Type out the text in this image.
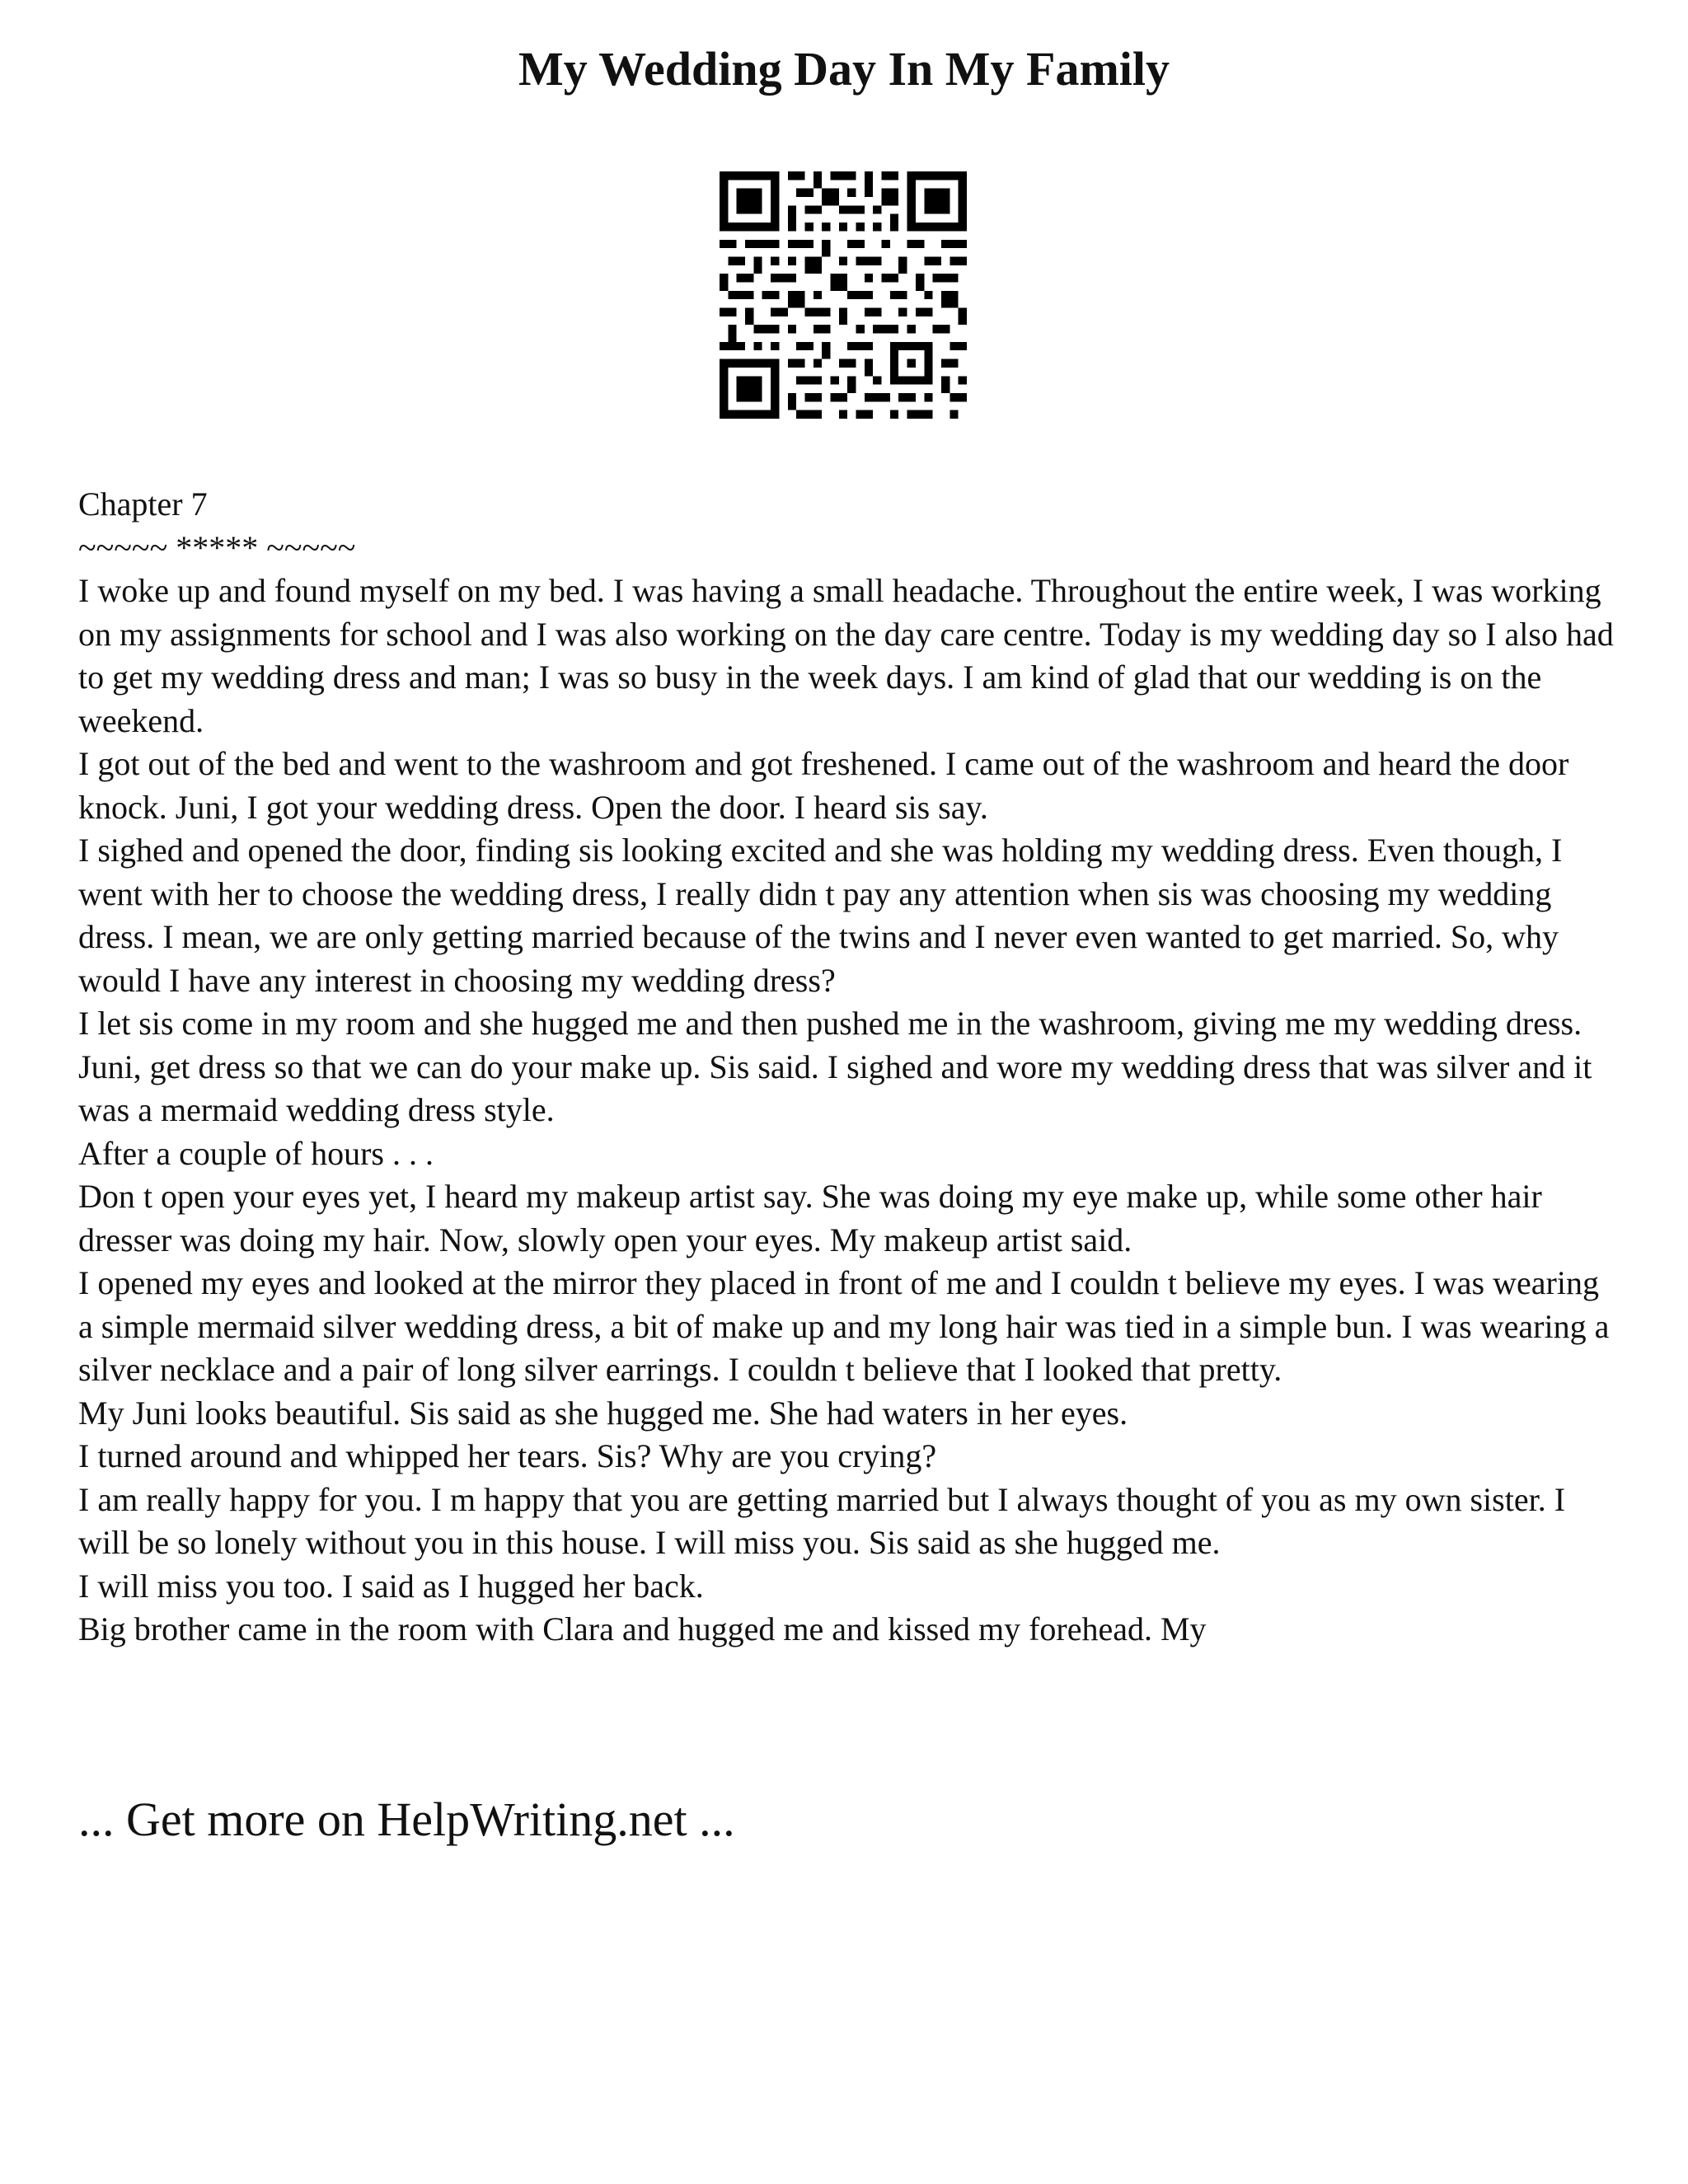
My Wedding Day In My Family

Chapter 7

~~~~~ ***** ~~~~~

I woke up and found myself on my bed. I was having a small headache. Throughout the entire week, I was working on my assignments for school and I was also working on the day care centre. Today is my wedding day so I also had to get my wedding dress and man; I was so busy in the week days. I am kind of glad that our wedding is on the weekend.

I got out of the bed and went to the washroom and got freshened. I came out of the washroom and heard the door knock. Juni, I got your wedding dress. Open the door. I heard sis say.

I sighed and opened the door, finding sis looking excited and she was holding my wedding dress. Even though, I went with her to choose the wedding dress, I really didn t pay any attention when sis was choosing my wedding dress. I mean, we are only getting married because of the twins and I never even wanted to get married. So, why would I have any interest in choosing my wedding dress?

I let sis come in my room and she hugged me and then pushed me in the washroom, giving me my wedding dress.

Juni, get dress so that we can do your make up. Sis said. I sighed and wore my wedding dress that was silver and it was a mermaid wedding dress style.

After a couple of hours . . .

Don t open your eyes yet, I heard my makeup artist say. She was doing my eye make up, while some other hair dresser was doing my hair. Now, slowly open your eyes. My makeup artist said.

I opened my eyes and looked at the mirror they placed in front of me and I couldn t believe my eyes. I was wearing a simple mermaid silver wedding dress, a bit of make up and my long hair was tied in a simple bun. I was wearing a silver necklace and a pair of long silver earrings. I couldn t believe that I looked that pretty.

My Juni looks beautiful. Sis said as she hugged me. She had waters in her eyes.

I turned around and whipped her tears. Sis? Why are you crying?

I am really happy for you. I m happy that you are getting married but I always thought of you as my own sister. I will be so lonely without you in this house. I will miss you. Sis said as she hugged me.

I will miss you too. I said as I hugged her back.

Big brother came in the room with Clara and hugged me and kissed my forehead. My

... Get more on HelpWriting.net ...
